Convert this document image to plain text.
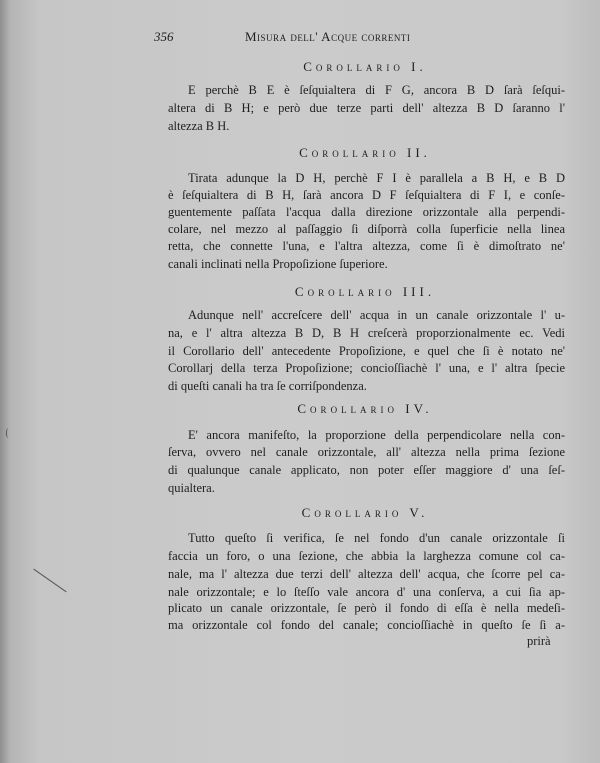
356	Misura dell' Acque correnti
Corollario I.
E perchè B E è ſeſquialtera di F G, ancora B D ſarà ſeſqui-
altera di B H; e però due terze parti dell' altezza B D ſaranno l'
altezza B H.
Corollario II.
Tirata adunque la D H, perchè F I è parallela a B H, e B D
è ſeſquialtera di B H, ſarà ancora D F ſeſquialtera di F I, e conſe-
guentemente paſſata l'acqua dalla direzione orizzontale alla perpendi-
colare, nel mezzo al paſſaggio ſi diſporrà colla ſuperficie nella linea
retta, che connette l'una, e l'altra altezza, come ſi è dimoſtrato ne'
canali inclinati nella Propoſizione ſuperiore.
Corollario III.
Adunque nell' accreſcere dell' acqua in un canale orizzontale l' u-
na, e l' altra altezza B D, B H creſcerà proporzionalmente ec. Vedi
il Corollario dell' antecedente Propoſizione, e quel che ſi è notato ne'
Corollarj della terza Propoſizione; concioſſiachè l' una, e l' altra ſpecie
di queſti canali ha tra ſe corriſpondenza.
Corollario IV.
E' ancora manifeſto, la proporzione della perpendicolare nella con-
ſerva, ovvero nel canale orizzontale, all' altezza nella prima ſezione
di qualunque canale applicato, non poter eſſer maggiore d' una ſeſ-
quialtera.
Corollario V.
Tutto queſto ſi verifica, ſe nel fondo d'un canale orizzontale ſi
faccia un foro, o una ſezione, che abbia la larghezza comune col ca-
nale, ma l' altezza due terzi dell' altezza dell' acqua, che ſcorre pel ca-
nale orizzontale; e lo ſteſſo vale ancora d' una conſerva, a cui ſia ap-
plicato un canale orizzontale, ſe però il fondo di eſſa è nella medeſi-
ma orizzontale col fondo del canale; concioſſiachè in queſto ſe ſi a-
prirà
